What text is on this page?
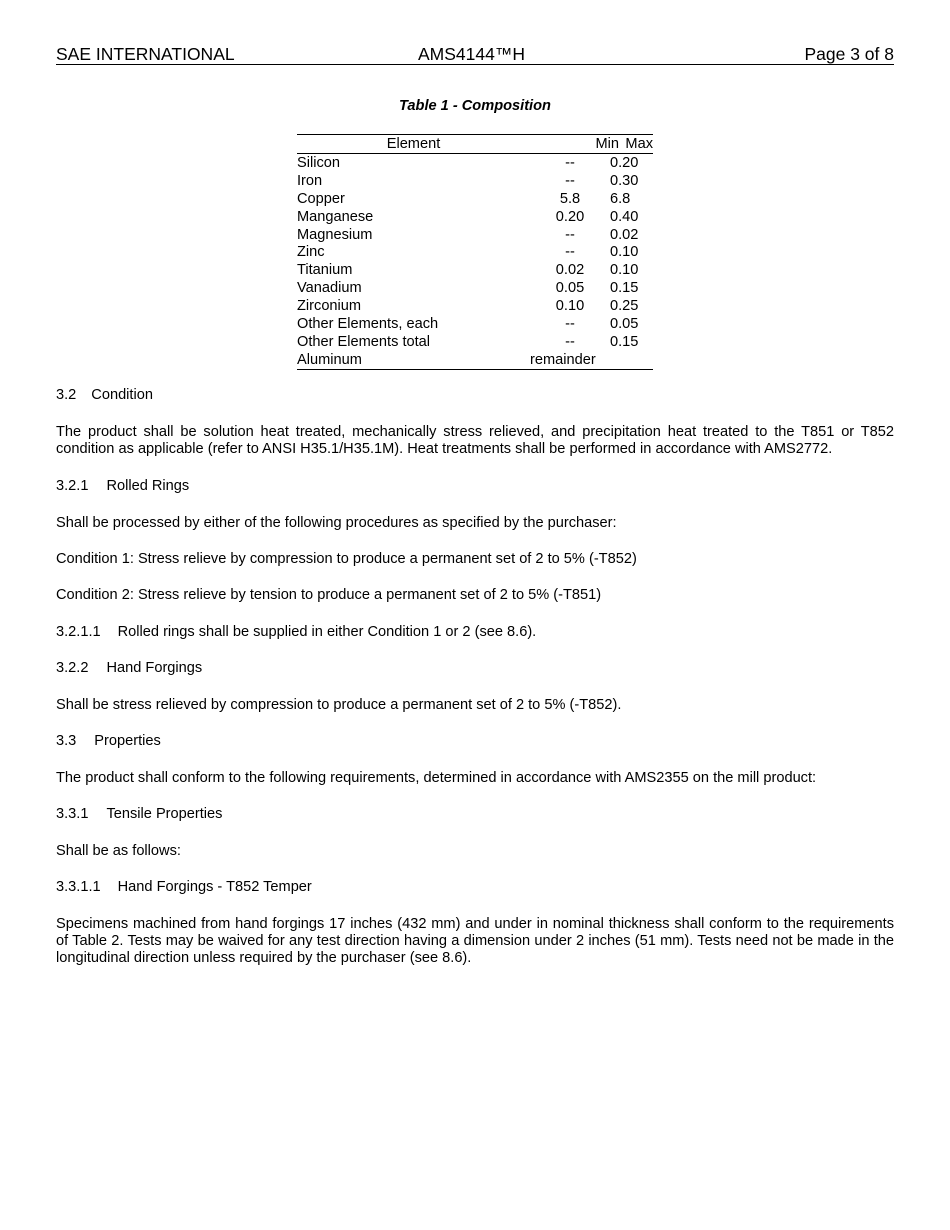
SAE INTERNATIONAL	AMS4144™H	Page 3 of 8
Table 1 - Composition
Element	Min Max
Silicon	--	0.20
Iron	--	0.30
Copper	5.8	6.8
Manganese	0.20	0.40
Magnesium	--	0.02
Zinc	--	0.10
Titanium	0.02	0.10
Vanadium	0.05	0.15
Zirconium	0.10	0.25
Other Elements, each	--	0.05
Other Elements total	--	0.15
Aluminum	remainder
3.2 Condition

The product shall be solution heat treated, mechanically stress relieved, and precipitation heat treated to the T851 or T852 condition as applicable (refer to ANSI H35.1/H35.1M). Heat treatments shall be performed in accordance with AMS2772.

3.2.1 Rolled Rings
Shall be processed by either of the following procedures as specified by the purchaser:
Condition 1: Stress relieve by compression to produce a permanent set of 2 to 5% (-T852)
Condition 2: Stress relieve by tension to produce a permanent set of 2 to 5% (-T851)
3.2.1.1 Rolled rings shall be supplied in either Condition 1 or 2 (see 8.6).
3.2.2 Hand Forgings
Shall be stress relieved by compression to produce a permanent set of 2 to 5% (-T852).
3.3 Properties
The product shall conform to the following requirements, determined in accordance with AMS2355 on the mill product:
3.3.1 Tensile Properties
Shall be as follows:
3.3.1.1 Hand Forgings - T852 Temper

Specimens machined from hand forgings 17 inches (432 mm) and under in nominal thickness shall conform to the requirements of Table 2. Tests may be waived for any test direction having a dimension under 2 inches (51 mm). Tests need not be made in the longitudinal direction unless required by the purchaser (see 8.6).
